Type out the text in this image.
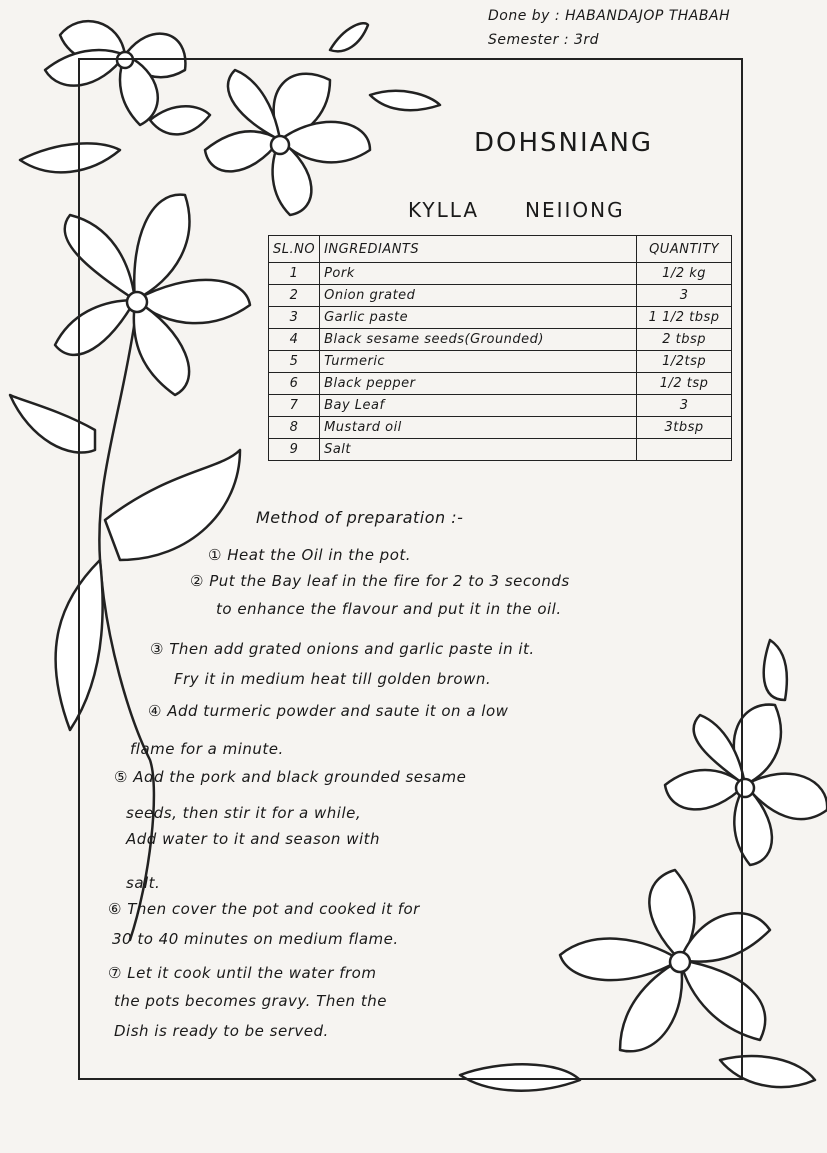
Done by : HABANDAJOP THABAH
Semester : 3rd
DOHSNIANG
KYLLA NEIIONG
SL.NO	INGREDIANTS	QUANTITY
1	Pork	1/2 kg
2	Onion grated	3
3	Garlic paste	1 1/2 tbsp
4	Black sesame seeds(Grounded)	2 tbsp
5	Turmeric	1/2tsp
6	Black pepper	1/2 tsp
7	Bay Leaf	3
8	Mustard oil	3tbsp
9	Salt	
Method of preparation :-
① Heat the Oil in the pot.
② Put the Bay leaf in the fire for 2 to 3 seconds
to enhance the flavour and put it in the oil.
③ Then add grated onions and garlic paste in it.
Fry it in medium heat till golden brown.
④ Add turmeric powder and saute it on a low
flame for a minute.
⑤ Add the pork and black grounded sesame
seeds, then stir it for a while,
Add water to it and season with
salt.
⑥ Then cover the pot and cooked it for
30 to 40 minutes on medium flame.
⑦ Let it cook until the water from
the pots becomes gravy. Then the
Dish is ready to be served.
